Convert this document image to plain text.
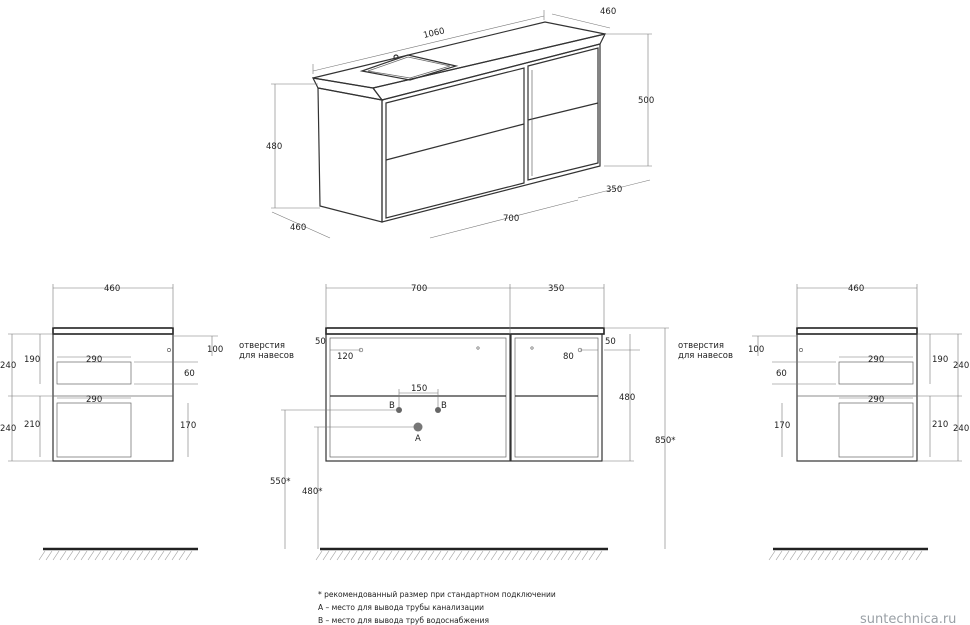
1060
460
500
480
460
700
350
460
240
240
190
210
290
290
100
60
170
В	В
А
150
700	350
50
120	80
50
480
850*
550*
480*
отверстия
для навесов
отверстия
для навесов
460
240
240
190
210
290
290
100
60
170
* рекомендованный размер при стандартном подключении
А – место для вывода трубы канализации
В – место для вывода труб водоснабжения	suntechnica.ru
